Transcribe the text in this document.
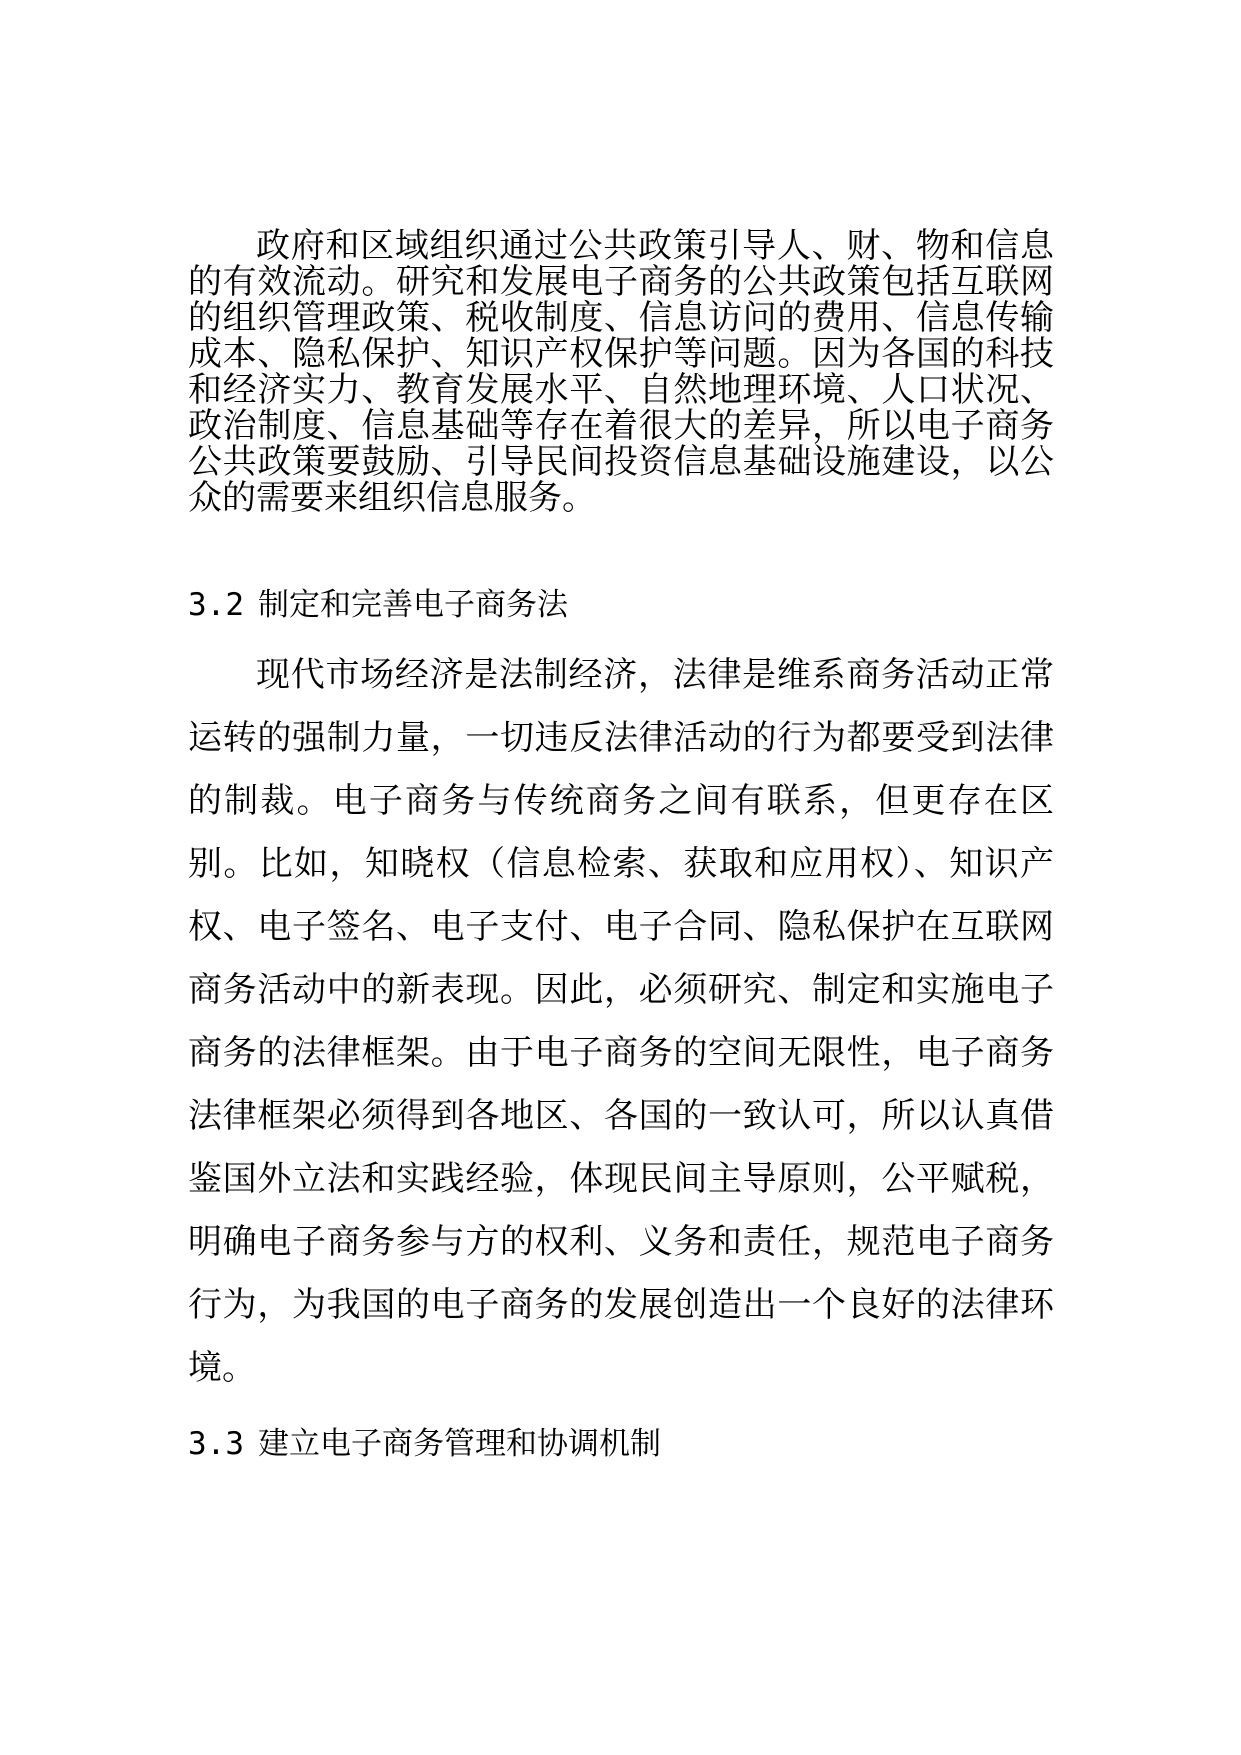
政府和区域组织通过公共政策引导人、财、物和信息的有效流动。研究和发展电子商务的公共政策包括互联网的组织管理政策、税收制度、信息访问的费用、信息传输成本、隐私保护、知识产权保护等问题。因为各国的科技和经济实力、教育发展水平、自然地理环境、人口状况、政治制度、信息基础等存在着很大的差异，所以电子商务公共政策要鼓励、引导民间投资信息基础设施建设，以公众的需要来组织信息服务。

3.2 制定和完善电子商务法

现代市场经济是法制经济，法律是维系商务活动正常运转的强制力量，一切违反法律活动的行为都要受到法律的制裁。电子商务与传统商务之间有联系，但更存在区别。比如，知晓权（信息检索、获取和应用权）、知识产权、电子签名、电子支付、电子合同、隐私保护在互联网商务活动中的新表现。因此，必须研究、制定和实施电子商务的法律框架。由于电子商务的空间无限性，电子商务法律框架必须得到各地区、各国的一致认可，所以认真借鉴国外立法和实践经验，体现民间主导原则，公平赋税，明确电子商务参与方的权利、义务和责任，规范电子商务行为，为我国的电子商务的发展创造出一个良好的法律环境。

3.3 建立电子商务管理和协调机制
